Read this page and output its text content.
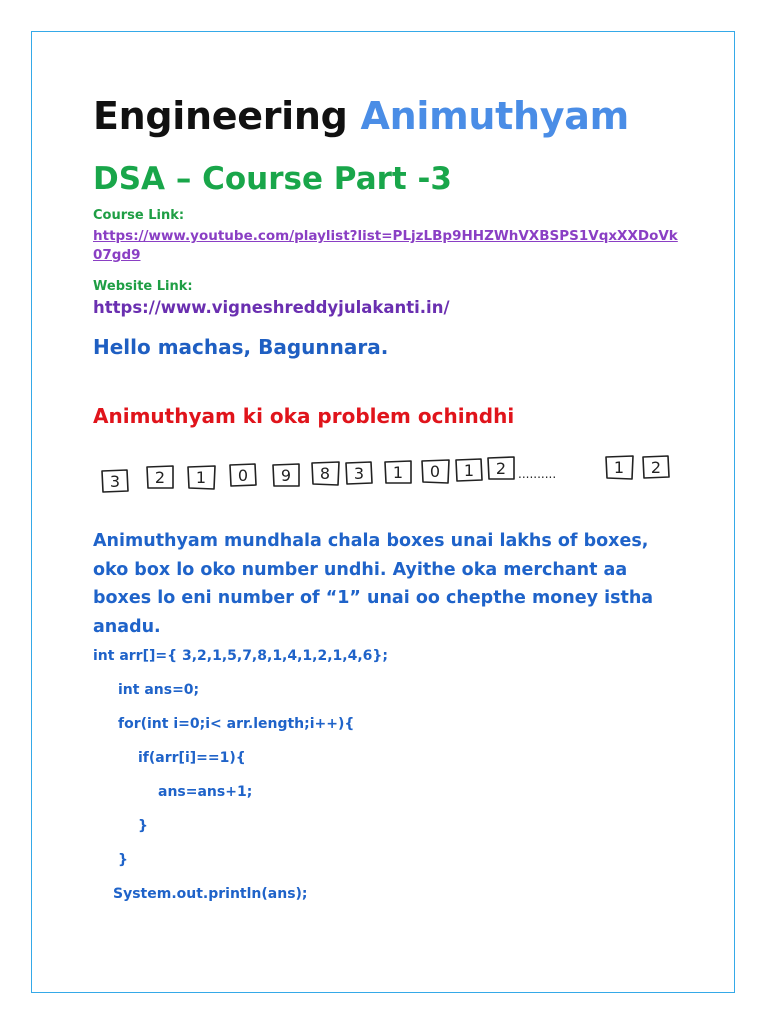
Engineering Animuthyam
DSA – Course Part -3
Course Link:
https://www.youtube.com/playlist?list=PLjzLBp9HHZWhVXBSPS1VqxXXDoVk
07gd9
Website Link:
https://www.vigneshreddyjulakanti.in/
Hello machas, Bagunnara.
Animuthyam ki oka problem ochindhi
3 2 1 0 9 8 3 1 0 1 2	1 2
..........
Animuthyam mundhala chala boxes unai lakhs of boxes, oko box lo oko number undhi. Ayithe oka merchant aa boxes lo eni number of “1” unai oo chepthe money istha anadu.
int arr[]={ 3,2,1,5,7,8,1,4,1,2,1,4,6};
int ans=0;
for(int i=0;i< arr.length;i++){
if(arr[i]==1){
ans=ans+1;
}
}
System.out.println(ans);
